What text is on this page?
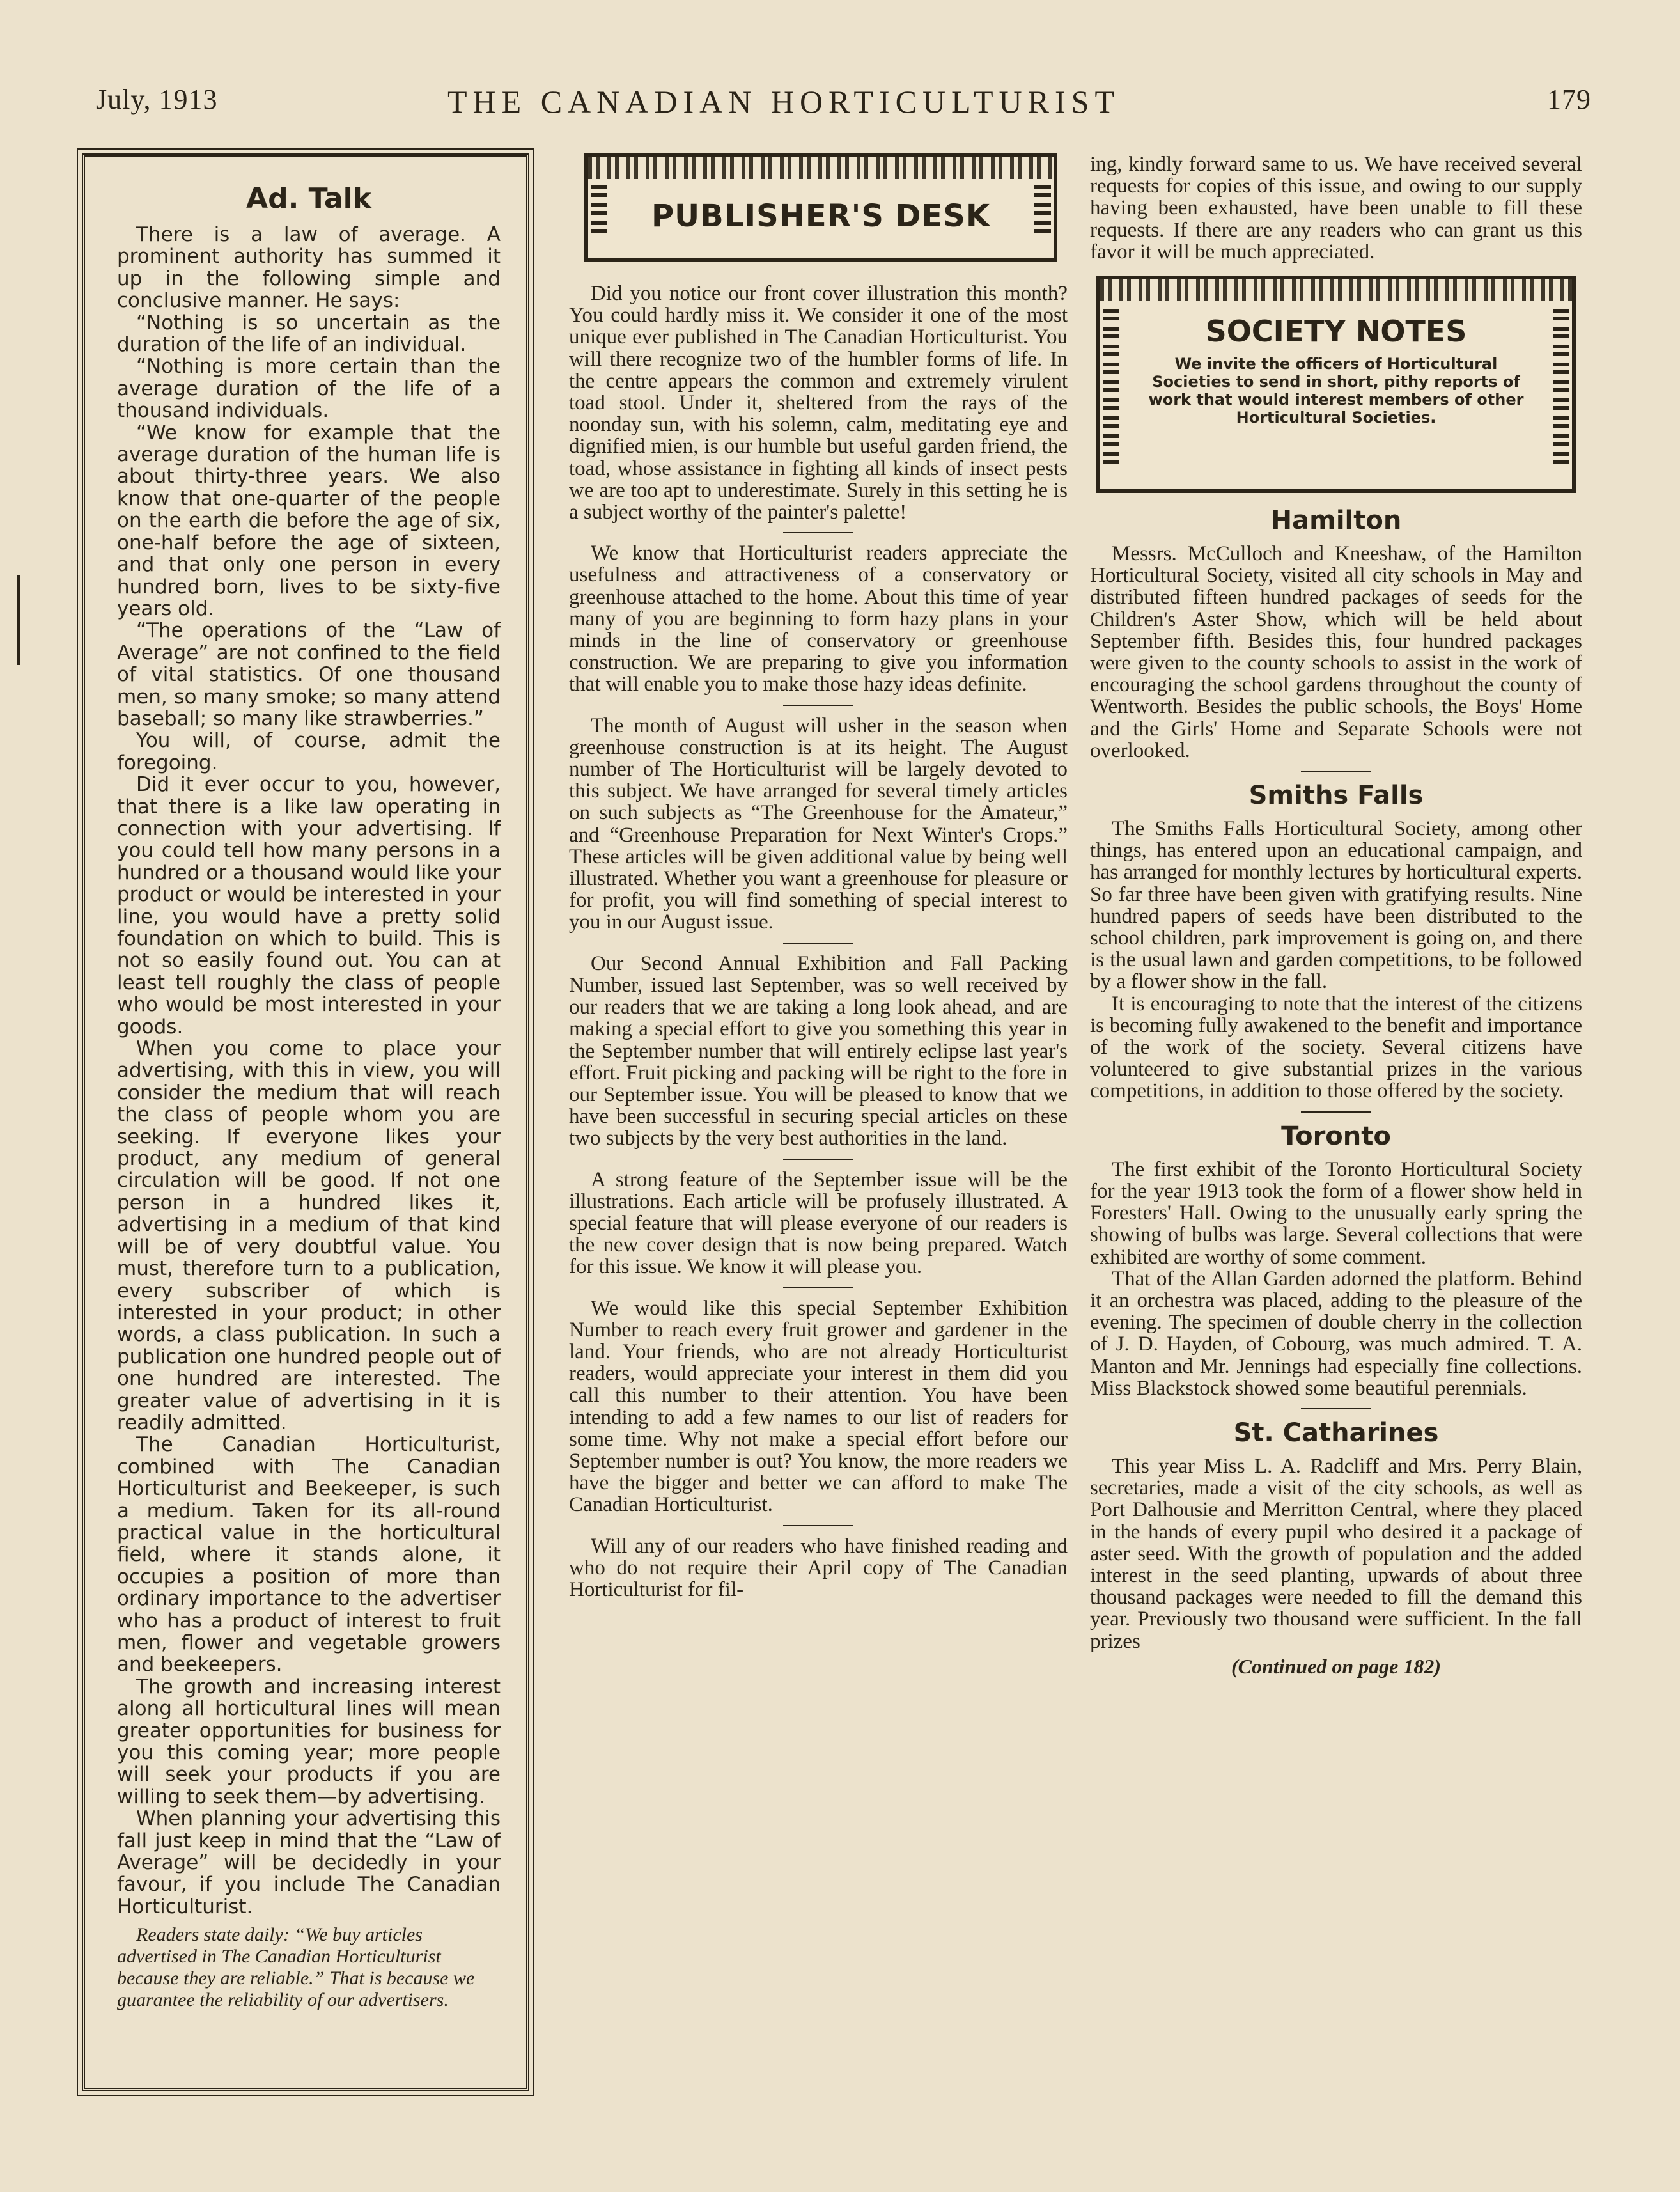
July, 1913	THE CANADIAN HORTICULTURIST	179
Ad. Talk

There is a law of average. A prominent authority has summed it up in the following simple and conclusive manner. He says:

“Nothing is so uncertain as the duration of the life of an individual.

“Nothing is more certain than the average duration of the life of a thousand individuals.

“We know for example that the average duration of the human life is about thirty-three years. We also know that one-quarter of the people on the earth die before the age of six, one-half before the age of sixteen, and that only one person in every hundred born, lives to be sixty-five years old.

“The operations of the “Law of Average” are not confined to the field of vital statistics. Of one thousand men, so many smoke; so many attend baseball; so many like strawberries.”

You will, of course, admit the foregoing.

Did it ever occur to you, however, that there is a like law operating in connection with your advertising. If you could tell how many persons in a hundred or a thousand would like your product or would be interested in your line, you would have a pretty solid foundation on which to build. This is not so easily found out. You can at least tell roughly the class of people who would be most interested in your goods.

When you come to place your advertising, with this in view, you will consider the medium that will reach the class of people whom you are seeking. If everyone likes your product, any medium of general circulation will be good. If not one person in a hundred likes it, advertising in a medium of that kind will be of very doubtful value. You must, therefore turn to a publication, every subscriber of which is interested in your product; in other words, a class publication. In such a publication one hundred people out of one hundred are interested. The greater value of advertising in it is readily admitted.

The Canadian Horticulturist, combined with The Canadian Horticulturist and Beekeeper, is such a medium. Taken for its all-round practical value in the horticultural field, where it stands alone, it occupies a position of more than ordinary importance to the advertiser who has a product of interest to fruit men, flower and vegetable growers and beekeepers.

The growth and increasing interest along all horticultural lines will mean greater opportunities for business for you this coming year; more people will seek your products if you are willing to seek them—by advertising.

When planning your advertising this fall just keep in mind that the “Law of Average” will be decidedly in your favour, if you include The Canadian Horticulturist.

Readers state daily: “We buy articles advertised in The Canadian Horticulturist because they are reliable.” That is because we guarantee the reliability of our advertisers.
PUBLISHER'S DESK

Did you notice our front cover illustration this month? You could hardly miss it. We consider it one of the most unique ever published in The Canadian Horticulturist. You will there recognize two of the humbler forms of life. In the centre appears the common and extremely virulent toad stool. Under it, sheltered from the rays of the noonday sun, with his solemn, calm, meditating eye and dignified mien, is our humble but useful garden friend, the toad, whose assistance in fighting all kinds of insect pests we are too apt to underestimate. Surely in this setting he is a subject worthy of the painter's palette!

We know that Horticulturist readers appreciate the usefulness and attractiveness of a conservatory or greenhouse attached to the home. About this time of year many of you are beginning to form hazy plans in your minds in the line of conservatory or greenhouse construction. We are preparing to give you information that will enable you to make those hazy ideas definite.

The month of August will usher in the season when greenhouse construction is at its height. The August number of The Horticulturist will be largely devoted to this subject. We have arranged for several timely articles on such subjects as “The Greenhouse for the Amateur,” and “Greenhouse Preparation for Next Winter's Crops.” These articles will be given additional value by being well illustrated. Whether you want a greenhouse for pleasure or for profit, you will find something of special interest to you in our August issue.

Our Second Annual Exhibition and Fall Packing Number, issued last September, was so well received by our readers that we are taking a long look ahead, and are making a special effort to give you something this year in the September number that will entirely eclipse last year's effort. Fruit picking and packing will be right to the fore in our September issue. You will be pleased to know that we have been successful in securing special articles on these two subjects by the very best authorities in the land.

A strong feature of the September issue will be the illustrations. Each article will be profusely illustrated. A special feature that will please everyone of our readers is the new cover design that is now being prepared. Watch for this issue. We know it will please you.

We would like this special September Exhibition Number to reach every fruit grower and gardener in the land. Your friends, who are not already Horticulturist readers, would appreciate your interest in them did you call this number to their attention. You have been intending to add a few names to our list of readers for some time. Why not make a special effort before our September number is out? You know, the more readers we have the bigger and better we can afford to make The Canadian Horticulturist.

Will any of our readers who have finished reading and who do not require their April copy of The Canadian Horticulturist for fil-

ing, kindly forward same to us. We have received several requests for copies of this issue, and owing to our supply having been exhausted, have been unable to fill these requests. If there are any readers who can grant us this favor it will be much appreciated.

SOCIETY NOTES
We invite the officers of Horticultural Societies to send in short, pithy reports of work that would interest members of other Horticultural Societies.
Hamilton

Messrs. McCulloch and Kneeshaw, of the Hamilton Horticultural Society, visited all city schools in May and distributed fifteen hundred packages of seeds for the Children's Aster Show, which will be held about September fifth. Besides this, four hundred packages were given to the county schools to assist in the work of encouraging the school gardens throughout the county of Wentworth. Besides the public schools, the Boys' Home and the Girls' Home and Separate Schools were not overlooked.

Smiths Falls

The Smiths Falls Horticultural Society, among other things, has entered upon an educational campaign, and has arranged for monthly lectures by horticultural experts. So far three have been given with gratifying results. Nine hundred papers of seeds have been distributed to the school children, park improvement is going on, and there is the usual lawn and garden competitions, to be followed by a flower show in the fall.

It is encouraging to note that the interest of the citizens is becoming fully awakened to the benefit and importance of the work of the society. Several citizens have volunteered to give substantial prizes in the various competitions, in addition to those offered by the society.

Toronto

The first exhibit of the Toronto Horticultural Society for the year 1913 took the form of a flower show held in Foresters' Hall. Owing to the unusually early spring the showing of bulbs was large. Several collections that were exhibited are worthy of some comment.

That of the Allan Garden adorned the platform. Behind it an orchestra was placed, adding to the pleasure of the evening. The specimen of double cherry in the collection of J. D. Hayden, of Cobourg, was much admired. T. A. Manton and Mr. Jennings had especially fine collections. Miss Blackstock showed some beautiful perennials.

St. Catharines

This year Miss L. A. Radcliff and Mrs. Perry Blain, secretaries, made a visit of the city schools, as well as Port Dalhousie and Merritton Central, where they placed in the hands of every pupil who desired it a package of aster seed. With the growth of population and the added interest in the seed planting, upwards of about three thousand packages were needed to fill the demand this year. Previously two thousand were sufficient. In the fall prizes

(Continued on page 182)
